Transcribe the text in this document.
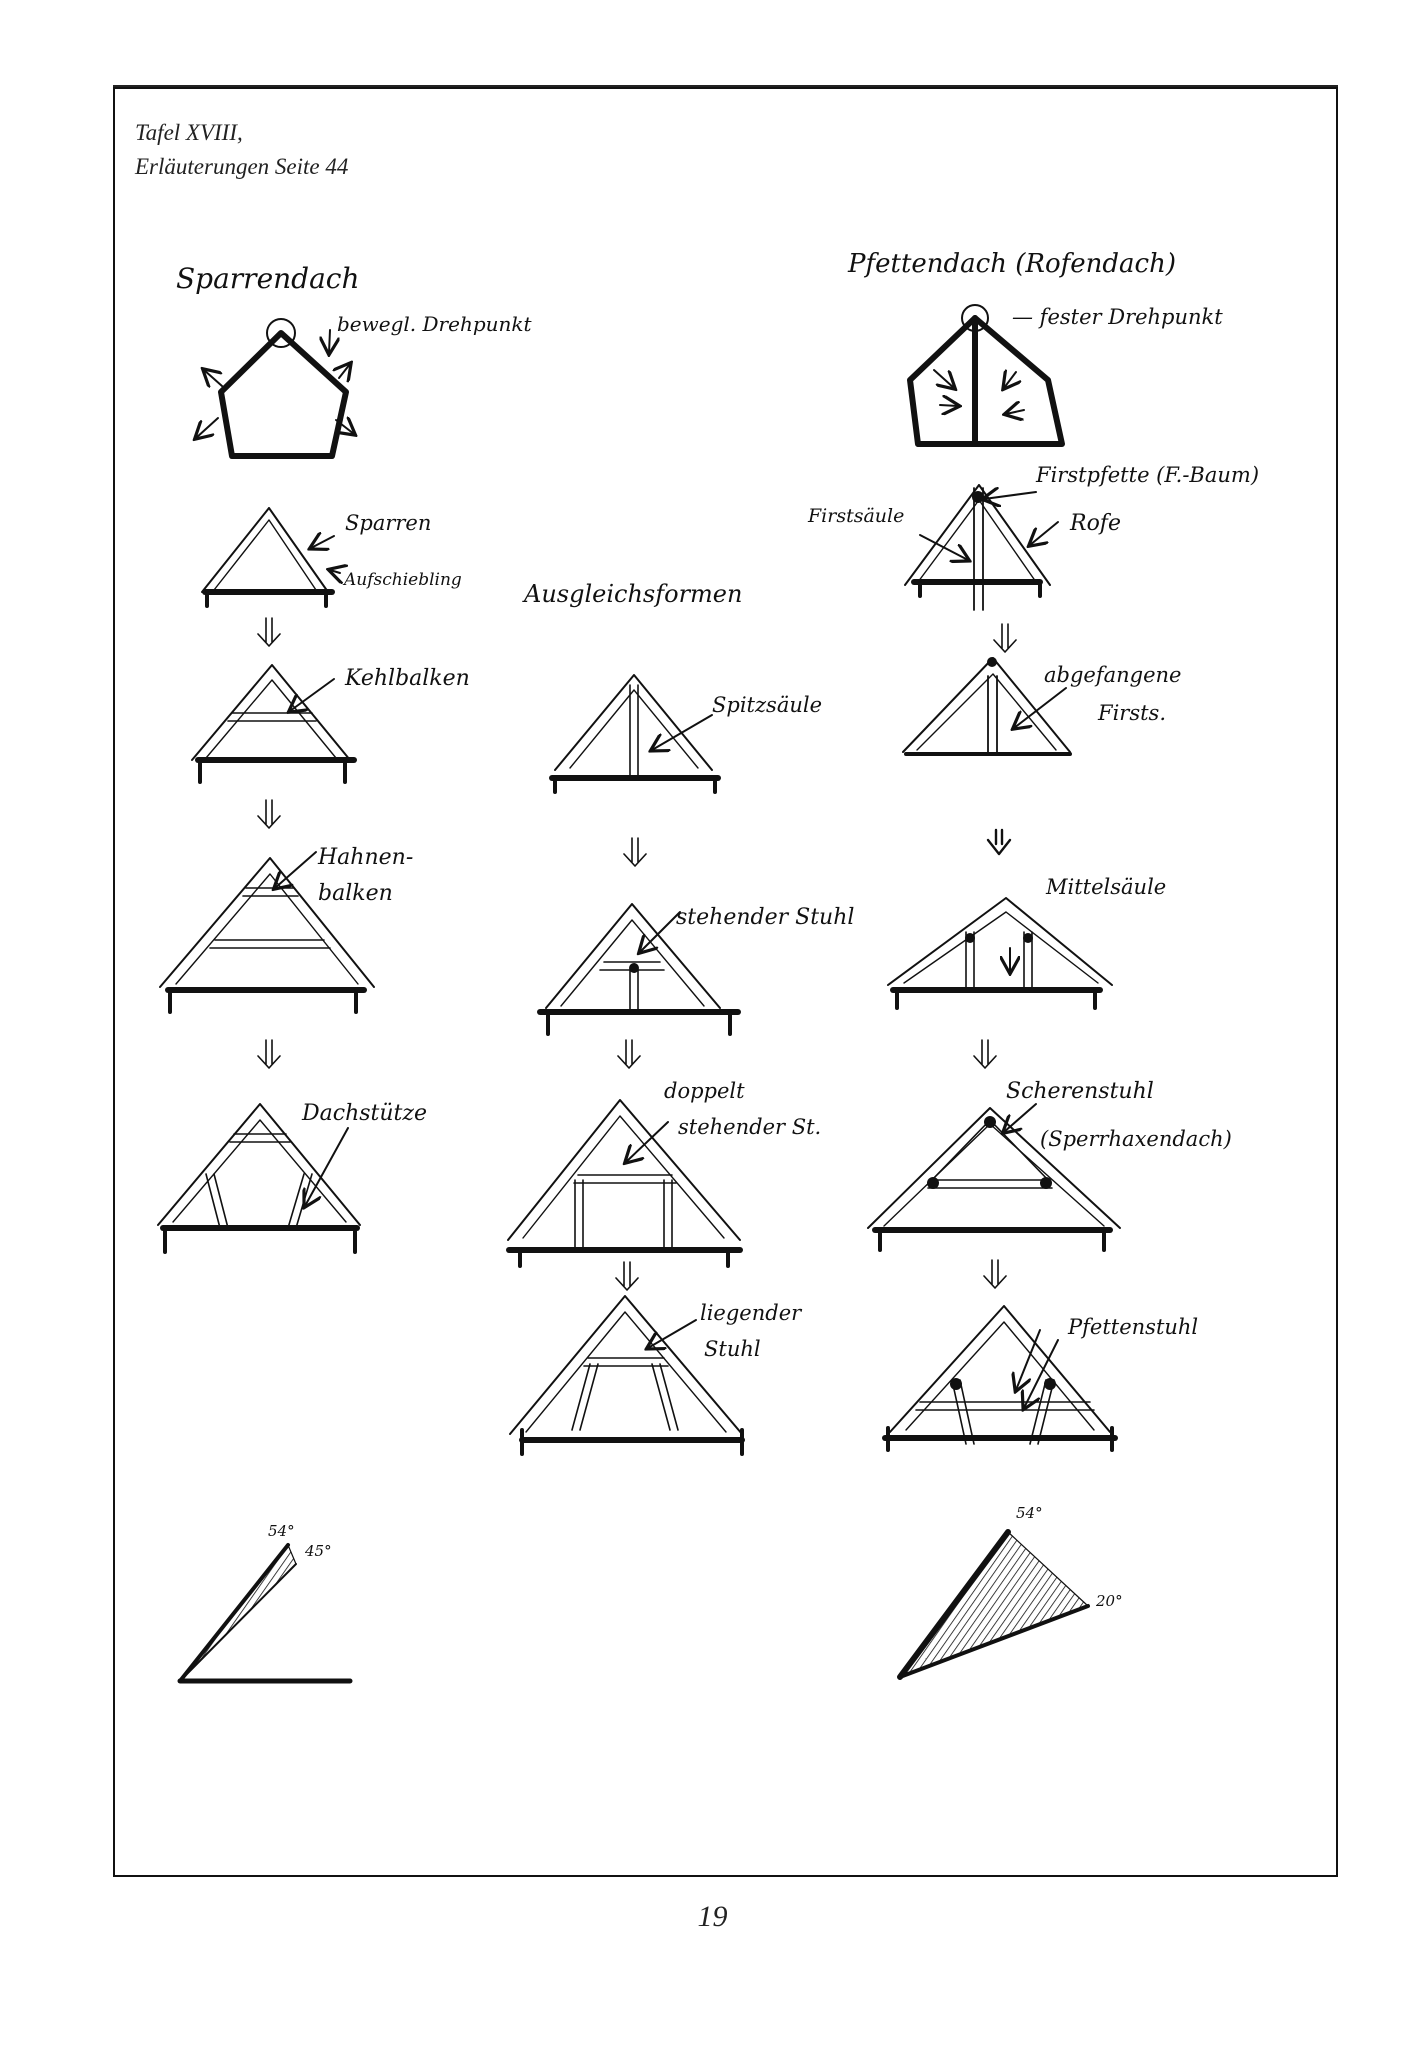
Tafel XVIII,
Erläuterungen Seite 44
Sparrendach
bewegl. Drehpunkt
Sparren
Aufschiebling
Kehlbalken
Hahnen-
balken
Dachstütze
Ausgleichsformen
Spitzsäule
stehender Stuhl
doppelt
stehender St.
liegender
Stuhl
Pfettendach (Rofendach)
— fester Drehpunkt
Firstpfette (F.-Baum)
Firstsäule	Rofe
abgefangene
Firsts.
Mittelsäule
Scherenstuhl
(Sperrhaxendach)
Pfettenstuhl
54°
45°
54°
20°
19
